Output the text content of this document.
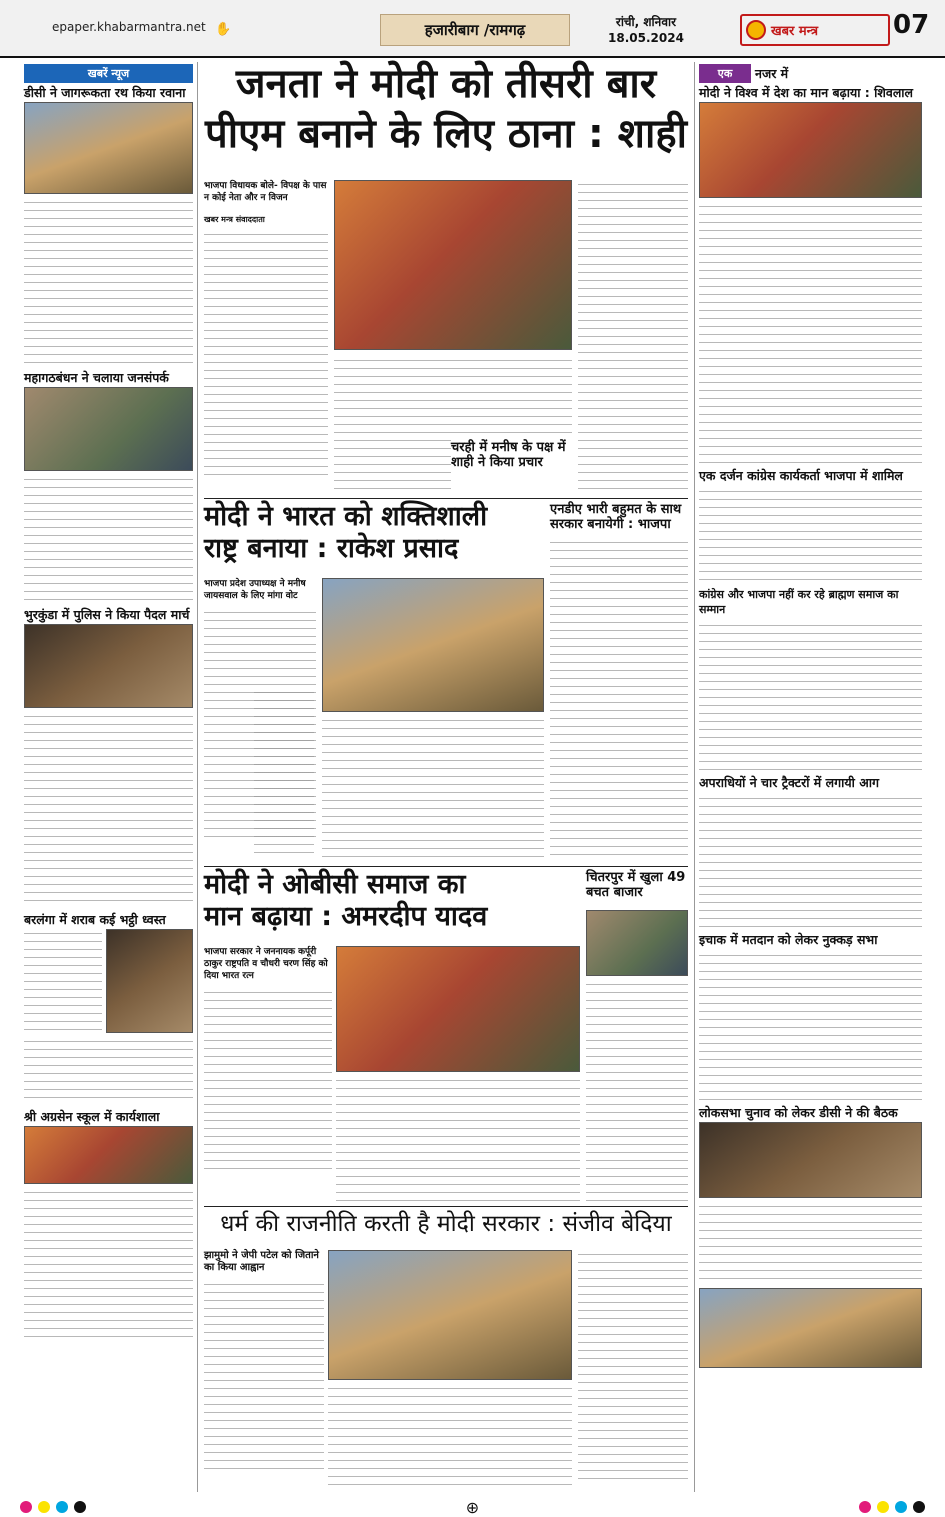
epaper.khabarmantra.net ✋	हजारीबाग /रामगढ़	रांची, शनिवार
18.05.2024	खबर मन्त्र	07
खबरें न्यूज
डीसी ने जागरूकता रथ किया रवाना
महागठबंधन ने चलाया जनसंपर्क
भुरकुंडा में पुलिस ने किया पैदल मार्च
बरलंगा में शराब कई भट्ठी ध्वस्त
श्री अग्रसेन स्कूल में कार्यशाला
जनता ने मोदी को तीसरी बार
पीएम बनाने के लिए ठाना : शाही
भाजपा विधायक बोले- विपक्ष के पास न कोई नेता और न विजन
खबर मन्त्र संवाददाता
चरही में मनीष के पक्ष में शाही ने किया प्रचार
मोदी ने भारत को शक्तिशाली
राष्ट्र बनाया : राकेश प्रसाद
भाजपा प्रदेश उपाध्यक्ष ने मनीष जायसवाल के लिए मांगा वोट
एनडीए भारी बहुमत के साथ सरकार बनायेगी : भाजपा
मोदी ने ओबीसी समाज का
मान बढ़ाया : अमरदीप यादव
चितरपुर में खुला 49 बचत बाजार
भाजपा सरकार ने जननायक कर्पूरी ठाकुर राष्ट्रपति व चौधरी चरण सिंह को दिया भारत रत्न
धर्म की राजनीति करती है मोदी सरकार : संजीव बेदिया
झामुमो ने जेपी पटेल को जिताने का किया आह्वान
एक	नजर में
मोदी ने विश्व में देश का मान बढ़ाया : शिवलाल
एक दर्जन कांग्रेस कार्यकर्ता भाजपा में शामिल
कांग्रेस और भाजपा नहीं कर रहे ब्राह्मण समाज का सम्मान
अपराधियों ने चार ट्रैक्टरों में लगायी आग
इचाक में मतदान को लेकर नुक्कड़ सभा
लोकसभा चुनाव को लेकर डीसी ने की बैठक
⊕
